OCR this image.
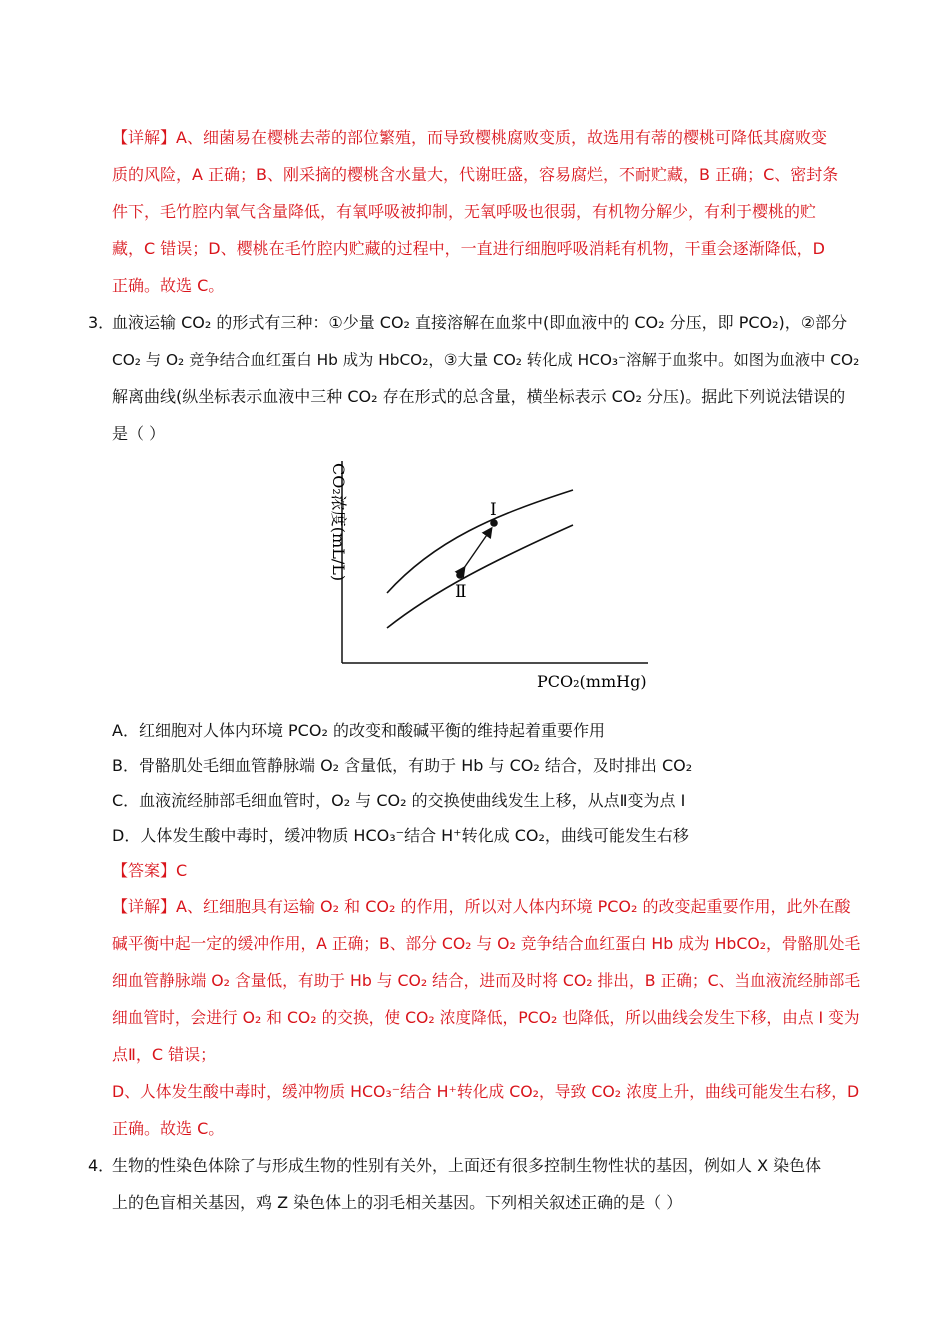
【详解】A、细菌易在樱桃去蒂的部位繁殖，而导致樱桃腐败变质，故选用有蒂的樱桃可降低其腐败变
质的风险，A 正确；B、刚采摘的樱桃含水量大，代谢旺盛，容易腐烂，不耐贮藏，B 正确；C、密封条
件下，毛竹腔内氧气含量降低，有氧呼吸被抑制，无氧呼吸也很弱，有机物分解少，有利于樱桃的贮
藏，C 错误；D、樱桃在毛竹腔内贮藏的过程中，一直进行细胞呼吸消耗有机物，干重会逐渐降低，D
正确。故选 C。
3．
血液运输 CO₂ 的形式有三种：①少量 CO₂ 直接溶解在血浆中(即血液中的 CO₂ 分压，即 PCO₂)，②部分
CO₂ 与 O₂ 竞争结合血红蛋白 Hb 成为 HbCO₂，③大量 CO₂ 转化成 HCO₃⁻溶解于血浆中。如图为血液中 CO₂
解离曲线(纵坐标表示血液中三种 CO₂ 存在形式的总含量，横坐标表示 CO₂ 分压)。据此下列说法错误的
是（ ）
Ⅰ
Ⅱ
CO₂浓度(mL/L)
PCO₂(mmHg)
A．红细胞对人体内环境 PCO₂ 的改变和酸碱平衡的维持起着重要作用
B．骨骼肌处毛细血管静脉端 O₂ 含量低，有助于 Hb 与 CO₂ 结合，及时排出 CO₂
C．血液流经肺部毛细血管时，O₂ 与 CO₂ 的交换使曲线发生上移，从点Ⅱ变为点 I
D．人体发生酸中毒时，缓冲物质 HCO₃⁻结合 H⁺转化成 CO₂，曲线可能发生右移
【答案】C
【详解】A、红细胞具有运输 O₂ 和 CO₂ 的作用，所以对人体内环境 PCO₂ 的改变起重要作用，此外在酸
碱平衡中起一定的缓冲作用，A 正确；B、部分 CO₂ 与 O₂ 竞争结合血红蛋白 Hb 成为 HbCO₂，骨骼肌处毛
细血管静脉端 O₂ 含量低，有助于 Hb 与 CO₂ 结合，进而及时将 CO₂ 排出，B 正确；C、当血液流经肺部毛
细血管时，会进行 O₂ 和 CO₂ 的交换，使 CO₂ 浓度降低，PCO₂ 也降低，所以曲线会发生下移，由点 I 变为
点Ⅱ，C 错误；
D、人体发生酸中毒时，缓冲物质 HCO₃⁻结合 H⁺转化成 CO₂，导致 CO₂ 浓度上升，曲线可能发生右移，D
正确。故选 C。
4．
生物的性染色体除了与形成生物的性别有关外，上面还有很多控制生物性状的基因，例如人 X 染色体
上的色盲相关基因，鸡 Z 染色体上的羽毛相关基因。下列相关叙述正确的是（ ）
